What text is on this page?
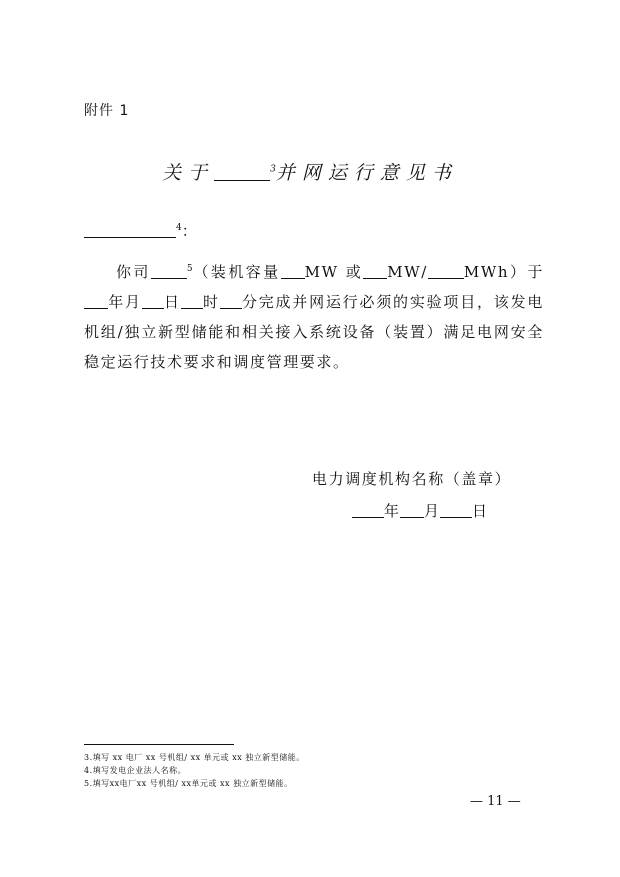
附件 1
关于	$^3$并网运行意见书
$^4$：

你司	$^5$（装机容量 MW 或 MW/ MWh）于年月 日 时 分完成并网运行必须的实验项目，该发电机组/独立新型储能和相关接入系统设备（装置）满足电网安全稳定运行技术要求和调度管理要求。

电力调度机构名称（盖章）
年 月 日
3.填写 xx 电厂 xx 号机组/ xx 单元或 xx 独立新型储能。
4.填写发电企业法人名称。
5.填写xx电厂xx 号机组/ xx单元或 xx 独立新型储能。
— 11 —
